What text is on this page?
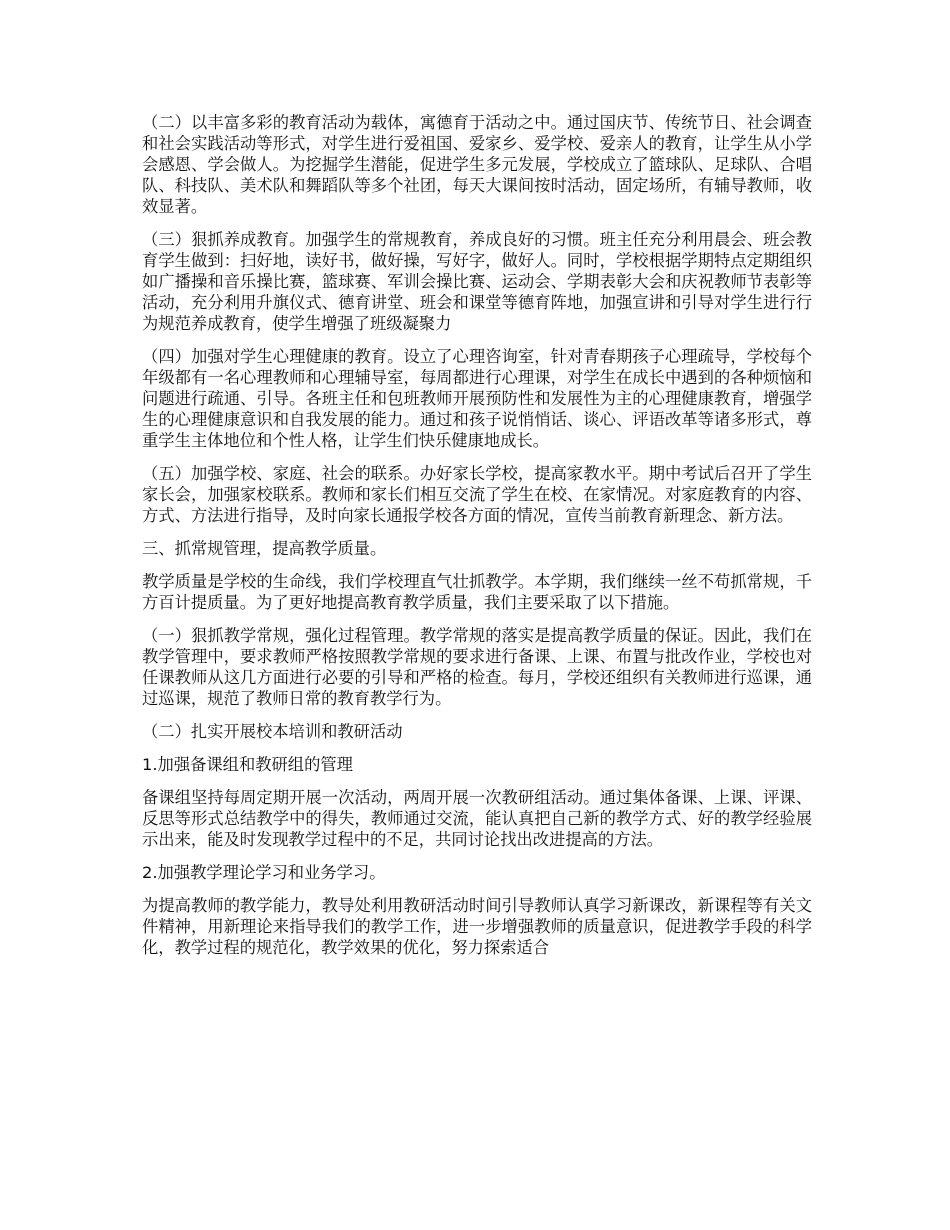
（二）以丰富多彩的教育活动为载体，寓德育于活动之中。通过国庆节、传统节日、社会调查和社会实践活动等形式，对学生进行爱祖国、爱家乡、爱学校、爱亲人的教育，让学生从小学会感恩、学会做人。为挖掘学生潜能，促进学生多元发展，学校成立了篮球队、足球队、合唱队、科技队、美术队和舞蹈队等多个社团，每天大课间按时活动，固定场所，有辅导教师，收效显著。

（三）狠抓养成教育。加强学生的常规教育，养成良好的习惯。班主任充分利用晨会、班会教育学生做到：扫好地，读好书，做好操，写好字，做好人。同时，学校根据学期特点定期组织如广播操和音乐操比赛，篮球赛、军训会操比赛、运动会、学期表彰大会和庆祝教师节表彰等活动，充分利用升旗仪式、德育讲堂、班会和课堂等德育阵地，加强宣讲和引导对学生进行行为规范养成教育，使学生增强了班级凝聚力

（四）加强对学生心理健康的教育。设立了心理咨询室，针对青春期孩子心理疏导，学校每个年级都有一名心理教师和心理辅导室，每周都进行心理课，对学生在成长中遇到的各种烦恼和问题进行疏通、引导。各班主任和包班教师开展预防性和发展性为主的心理健康教育，增强学生的心理健康意识和自我发展的能力。通过和孩子说悄悄话、谈心、评语改革等诸多形式，尊重学生主体地位和个性人格，让学生们快乐健康地成长。

（五）加强学校、家庭、社会的联系。办好家长学校，提高家教水平。期中考试后召开了学生家长会，加强家校联系。教师和家长们相互交流了学生在校、在家情况。对家庭教育的内容、方式、方法进行指导，及时向家长通报学校各方面的情况，宣传当前教育新理念、新方法。

三、抓常规管理，提高教学质量。

教学质量是学校的生命线，我们学校理直气壮抓教学。本学期，我们继续一丝不苟抓常规，千方百计提质量。为了更好地提高教育教学质量，我们主要采取了以下措施。

（一）狠抓教学常规，强化过程管理。教学常规的落实是提高教学质量的保证。因此，我们在教学管理中，要求教师严格按照教学常规的要求进行备课、上课、布置与批改作业，学校也对任课教师从这几方面进行必要的引导和严格的检查。每月，学校还组织有关教师进行巡课，通过巡课，规范了教师日常的教育教学行为。

（二）扎实开展校本培训和教研活动

1.加强备课组和教研组的管理

备课组坚持每周定期开展一次活动，两周开展一次教研组活动。通过集体备课、上课、评课、反思等形式总结教学中的得失，教师通过交流，能认真把自己新的教学方式、好的教学经验展示出来，能及时发现教学过程中的不足，共同讨论找出改进提高的方法。

2.加强教学理论学习和业务学习。

为提高教师的教学能力，教导处利用教研活动时间引导教师认真学习新课改，新课程等有关文件精神，用新理论来指导我们的教学工作，进一步增强教师的质量意识，促进教学手段的科学化，教学过程的规范化，教学效果的优化，努力探索适合
